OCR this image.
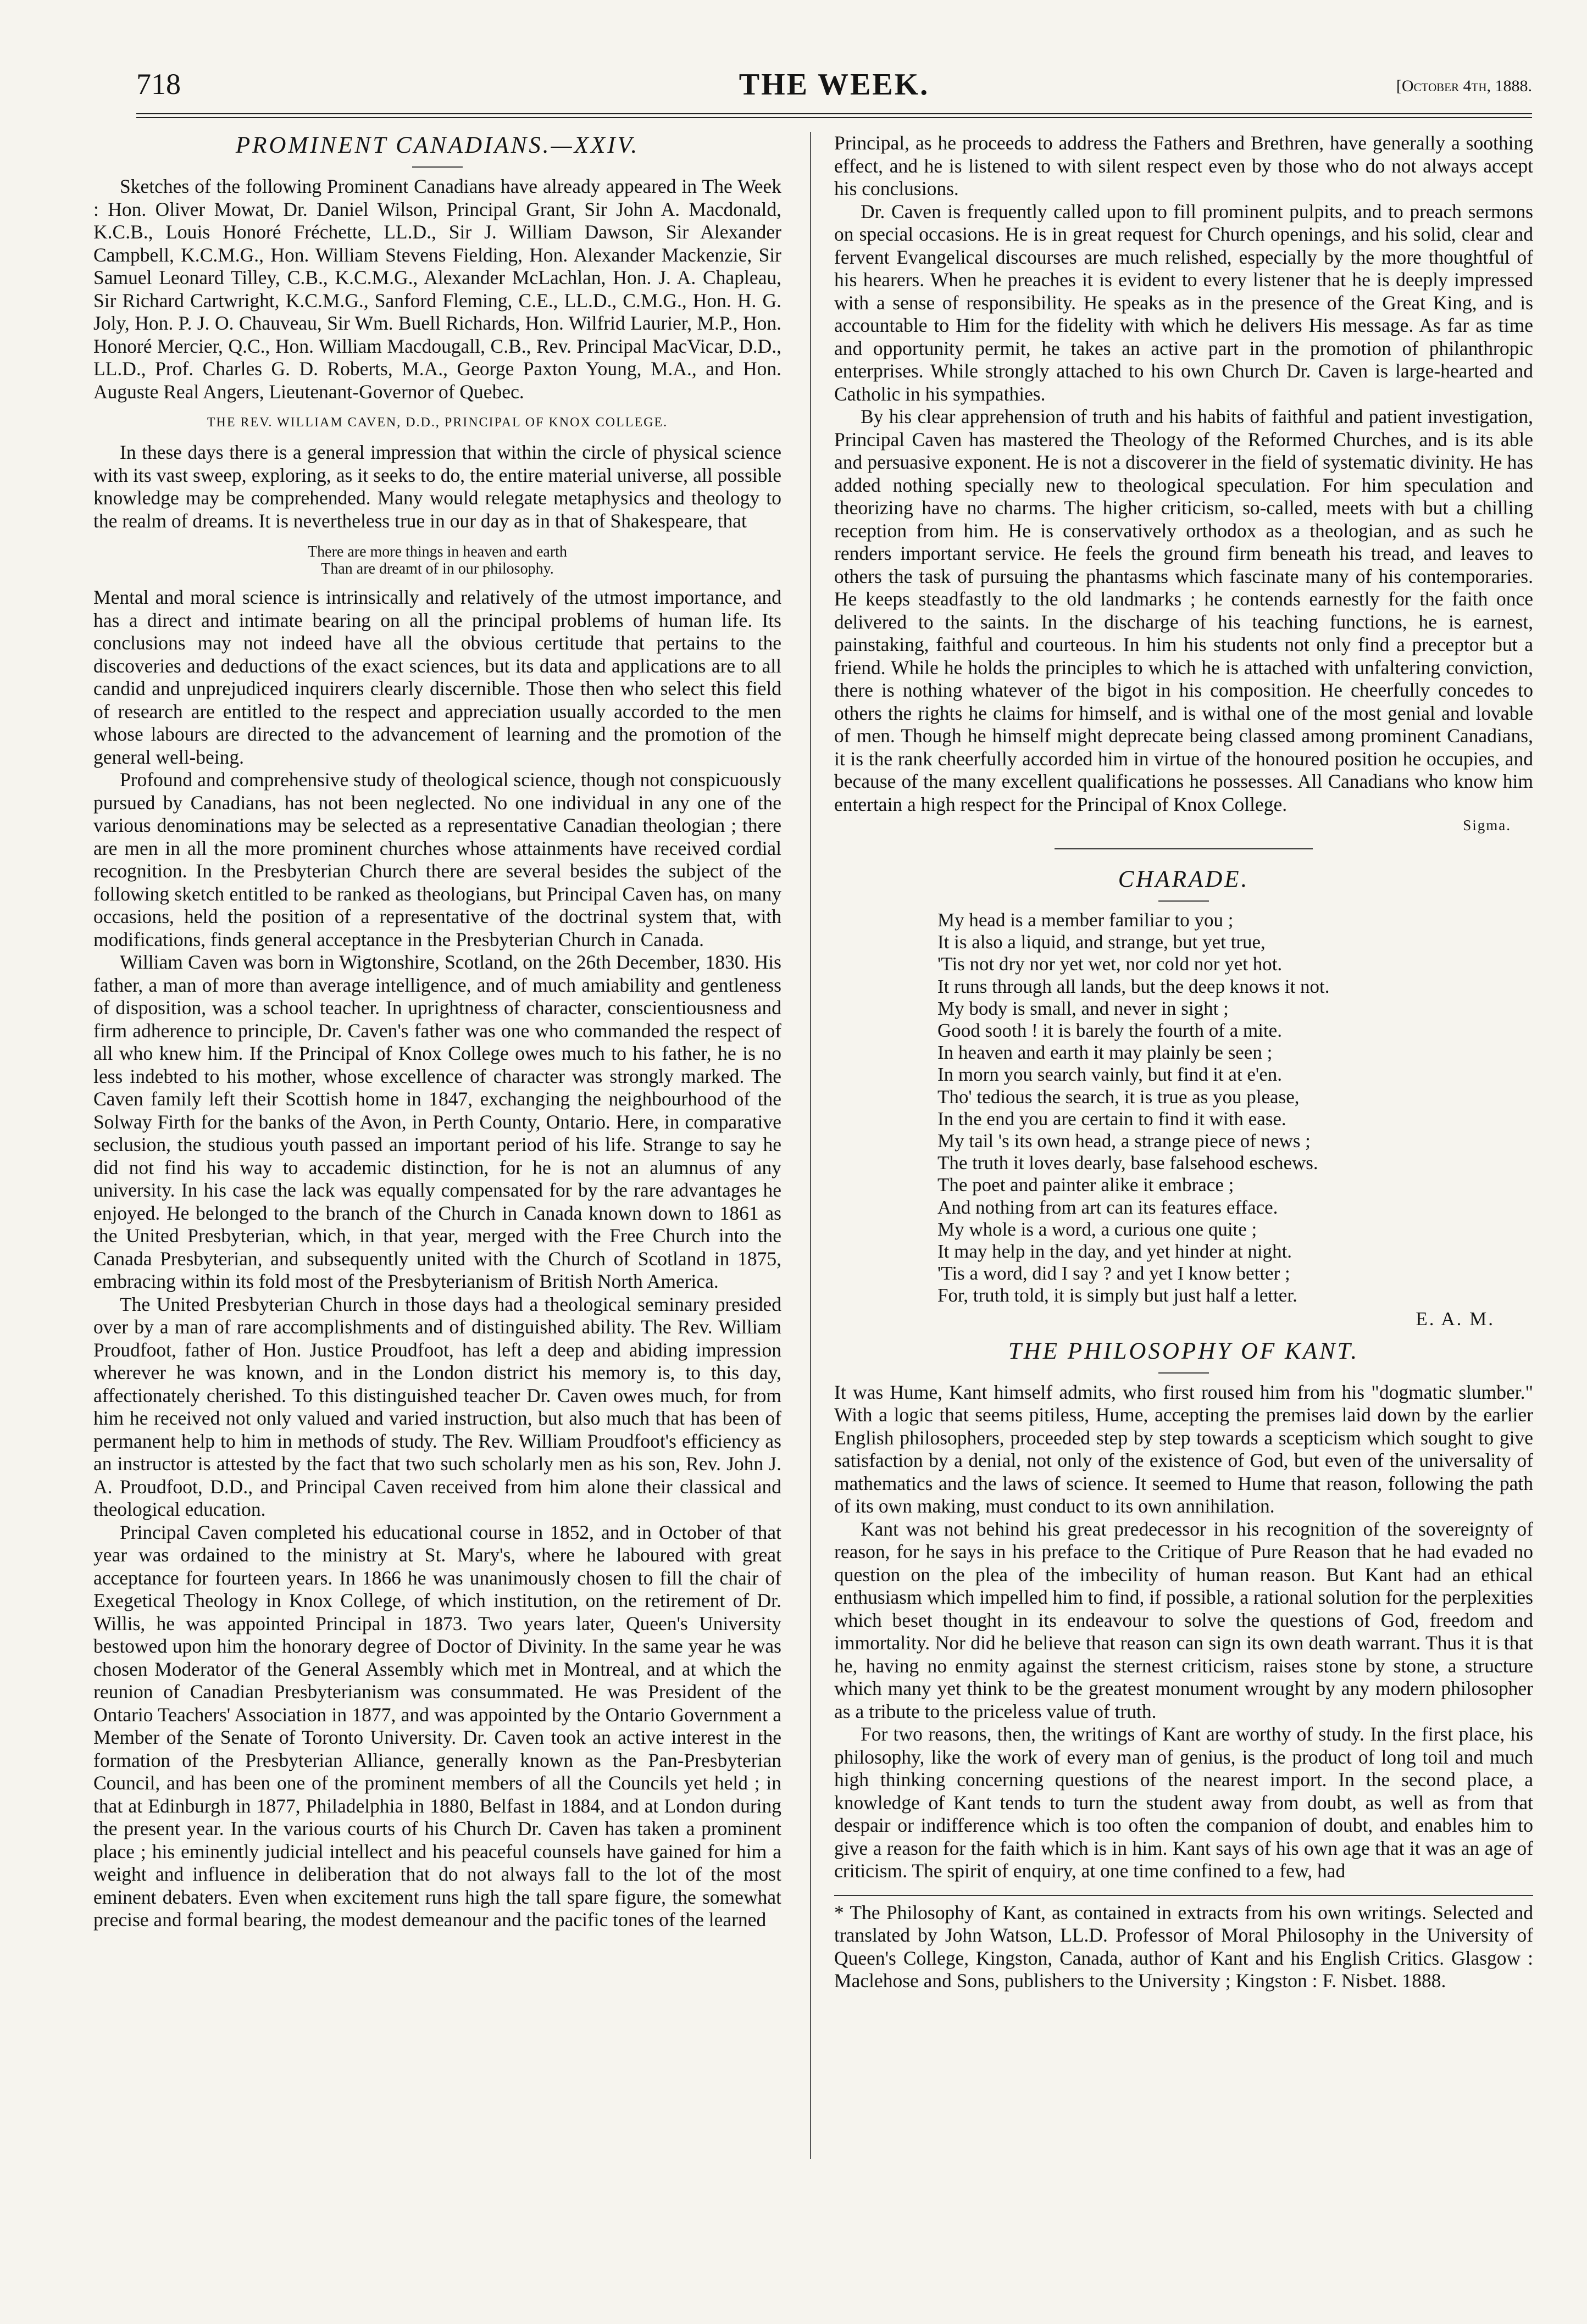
718	THE WEEK.	[October 4th, 1888.
PROMINENT CANADIANS.—XXIV.

Sketches of the following Prominent Canadians have already appeared in The Week : Hon. Oliver Mowat, Dr. Daniel Wilson, Principal Grant, Sir John A. Macdonald, K.C.B., Louis Honoré Fréchette, LL.D., Sir J. William Dawson, Sir Alexander Campbell, K.C.M.G., Hon. William Stevens Fielding, Hon. Alexander Mackenzie, Sir Samuel Leonard Tilley, C.B., K.C.M.G., Alexander McLachlan, Hon. J. A. Chapleau, Sir Richard Cartwright, K.C.M.G., Sanford Fleming, C.E., LL.D., C.M.G., Hon. H. G. Joly, Hon. P. J. O. Chauveau, Sir Wm. Buell Richards, Hon. Wilfrid Laurier, M.P., Hon. Honoré Mercier, Q.C., Hon. William Macdougall, C.B., Rev. Principal MacVicar, D.D., LL.D., Prof. Charles G. D. Roberts, M.A., George Paxton Young, M.A., and Hon. Auguste Real Angers, Lieutenant-Governor of Quebec.

THE REV. WILLIAM CAVEN, D.D., PRINCIPAL OF KNOX COLLEGE.

In these days there is a general impression that within the circle of physical science with its vast sweep, exploring, as it seeks to do, the entire material universe, all possible knowledge may be comprehended. Many would relegate metaphysics and theology to the realm of dreams. It is nevertheless true in our day as in that of Shakespeare, that

There are more things in heaven and earth
Than are dreamt of in our philosophy.

Mental and moral science is intrinsically and relatively of the utmost importance, and has a direct and intimate bearing on all the principal problems of human life. Its conclusions may not indeed have all the obvious certitude that pertains to the discoveries and deductions of the exact sciences, but its data and applications are to all candid and unprejudiced inquirers clearly discernible. Those then who select this field of research are entitled to the respect and appreciation usually accorded to the men whose labours are directed to the advancement of learning and the promotion of the general well-being.

Profound and comprehensive study of theological science, though not conspicuously pursued by Canadians, has not been neglected. No one individual in any one of the various denominations may be selected as a representative Canadian theologian ; there are men in all the more prominent churches whose attainments have received cordial recognition. In the Presbyterian Church there are several besides the subject of the following sketch entitled to be ranked as theologians, but Principal Caven has, on many occasions, held the position of a representative of the doctrinal system that, with modifications, finds general acceptance in the Presbyterian Church in Canada.

William Caven was born in Wigtonshire, Scotland, on the 26th December, 1830. His father, a man of more than average intelligence, and of much amiability and gentleness of disposition, was a school teacher. In uprightness of character, conscientiousness and firm adherence to principle, Dr. Caven's father was one who commanded the respect of all who knew him. If the Principal of Knox College owes much to his father, he is no less indebted to his mother, whose excellence of character was strongly marked. The Caven family left their Scottish home in 1847, exchanging the neighbourhood of the Solway Firth for the banks of the Avon, in Perth County, Ontario. Here, in comparative seclusion, the studious youth passed an important period of his life. Strange to say he did not find his way to accademic distinction, for he is not an alumnus of any university. In his case the lack was equally compensated for by the rare advantages he enjoyed. He belonged to the branch of the Church in Canada known down to 1861 as the United Presbyterian, which, in that year, merged with the Free Church into the Canada Presbyterian, and subsequently united with the Church of Scotland in 1875, embracing within its fold most of the Presbyterianism of British North America.

The United Presbyterian Church in those days had a theological seminary presided over by a man of rare accomplishments and of distinguished ability. The Rev. William Proudfoot, father of Hon. Justice Proudfoot, has left a deep and abiding impression wherever he was known, and in the London district his memory is, to this day, affectionately cherished. To this distinguished teacher Dr. Caven owes much, for from him he received not only valued and varied instruction, but also much that has been of permanent help to him in methods of study. The Rev. William Proudfoot's efficiency as an instructor is attested by the fact that two such scholarly men as his son, Rev. John J. A. Proudfoot, D.D., and Principal Caven received from him alone their classical and theological education.

Principal Caven completed his educational course in 1852, and in October of that year was ordained to the ministry at St. Mary's, where he laboured with great acceptance for fourteen years. In 1866 he was unanimously chosen to fill the chair of Exegetical Theology in Knox College, of which institution, on the retirement of Dr. Willis, he was appointed Principal in 1873. Two years later, Queen's University bestowed upon him the honorary degree of Doctor of Divinity. In the same year he was chosen Moderator of the General Assembly which met in Montreal, and at which the reunion of Canadian Presbyterianism was consummated. He was President of the Ontario Teachers' Association in 1877, and was appointed by the Ontario Government a Member of the Senate of Toronto University. Dr. Caven took an active interest in the formation of the Presbyterian Alliance, generally known as the Pan-Presbyterian Council, and has been one of the prominent members of all the Councils yet held ; in that at Edinburgh in 1877, Philadelphia in 1880, Belfast in 1884, and at London during the present year. In the various courts of his Church Dr. Caven has taken a prominent place ; his eminently judicial intellect and his peaceful counsels have gained for him a weight and influence in deliberation that do not always fall to the lot of the most eminent debaters. Even when excitement runs high the tall spare figure, the somewhat precise and formal bearing, the modest demeanour and the pacific tones of the learned

Principal, as he proceeds to address the Fathers and Brethren, have generally a soothing effect, and he is listened to with silent respect even by those who do not always accept his conclusions.

Dr. Caven is frequently called upon to fill prominent pulpits, and to preach sermons on special occasions. He is in great request for Church openings, and his solid, clear and fervent Evangelical discourses are much relished, especially by the more thoughtful of his hearers. When he preaches it is evident to every listener that he is deeply impressed with a sense of responsibility. He speaks as in the presence of the Great King, and is accountable to Him for the fidelity with which he delivers His message. As far as time and opportunity permit, he takes an active part in the promotion of philanthropic enterprises. While strongly attached to his own Church Dr. Caven is large-hearted and Catholic in his sympathies.

By his clear apprehension of truth and his habits of faithful and patient investigation, Principal Caven has mastered the Theology of the Reformed Churches, and is its able and persuasive exponent. He is not a discoverer in the field of systematic divinity. He has added nothing specially new to theological speculation. For him speculation and theorizing have no charms. The higher criticism, so-called, meets with but a chilling reception from him. He is conservatively orthodox as a theologian, and as such he renders important service. He feels the ground firm beneath his tread, and leaves to others the task of pursuing the phantasms which fascinate many of his contemporaries. He keeps steadfastly to the old landmarks ; he contends earnestly for the faith once delivered to the saints. In the discharge of his teaching functions, he is earnest, painstaking, faithful and courteous. In him his students not only find a preceptor but a friend. While he holds the principles to which he is attached with unfaltering conviction, there is nothing whatever of the bigot in his composition. He cheerfully concedes to others the rights he claims for himself, and is withal one of the most genial and lovable of men. Though he himself might deprecate being classed among prominent Canadians, it is the rank cheerfully accorded him in virtue of the honoured position he occupies, and because of the many excellent qualifications he possesses. All Canadians who know him entertain a high respect for the Principal of Knox College.

Sigma.
CHARADE.
My head is a member familiar to you ;
It is also a liquid, and strange, but yet true,
'Tis not dry nor yet wet, nor cold nor yet hot.
It runs through all lands, but the deep knows it not.
My body is small, and never in sight ;
Good sooth ! it is barely the fourth of a mite.
In heaven and earth it may plainly be seen ;
In morn you search vainly, but find it at e'en.
Tho' tedious the search, it is true as you please,
In the end you are certain to find it with ease.
My tail 's its own head, a strange piece of news ;
The truth it loves dearly, base falsehood eschews.
The poet and painter alike it embrace ;
And nothing from art can its features efface.
My whole is a word, a curious one quite ;
It may help in the day, and yet hinder at night.
'Tis a word, did I say ? and yet I know better ;
For, truth told, it is simply but just half a letter.
E. A. M.
THE PHILOSOPHY OF KANT.

It was Hume, Kant himself admits, who first roused him from his "dogmatic slumber." With a logic that seems pitiless, Hume, accepting the premises laid down by the earlier English philosophers, proceeded step by step towards a scepticism which sought to give satisfaction by a denial, not only of the existence of God, but even of the universality of mathematics and the laws of science. It seemed to Hume that reason, following the path of its own making, must conduct to its own annihilation.

Kant was not behind his great predecessor in his recognition of the sovereignty of reason, for he says in his preface to the Critique of Pure Reason that he had evaded no question on the plea of the imbecility of human reason. But Kant had an ethical enthusiasm which impelled him to find, if possible, a rational solution for the perplexities which beset thought in its endeavour to solve the questions of God, freedom and immortality. Nor did he believe that reason can sign its own death warrant. Thus it is that he, having no enmity against the sternest criticism, raises stone by stone, a structure which many yet think to be the greatest monument wrought by any modern philosopher as a tribute to the priceless value of truth.

For two reasons, then, the writings of Kant are worthy of study. In the first place, his philosophy, like the work of every man of genius, is the product of long toil and much high thinking concerning questions of the nearest import. In the second place, a knowledge of Kant tends to turn the student away from doubt, as well as from that despair or indifference which is too often the companion of doubt, and enables him to give a reason for the faith which is in him. Kant says of his own age that it was an age of criticism. The spirit of enquiry, at one time confined to a few, had

* The Philosophy of Kant, as contained in extracts from his own writings. Selected and translated by John Watson, LL.D. Professor of Moral Philosophy in the University of Queen's College, Kingston, Canada, author of Kant and his English Critics. Glasgow : Maclehose and Sons, publishers to the University ; Kingston : F. Nisbet. 1888.
